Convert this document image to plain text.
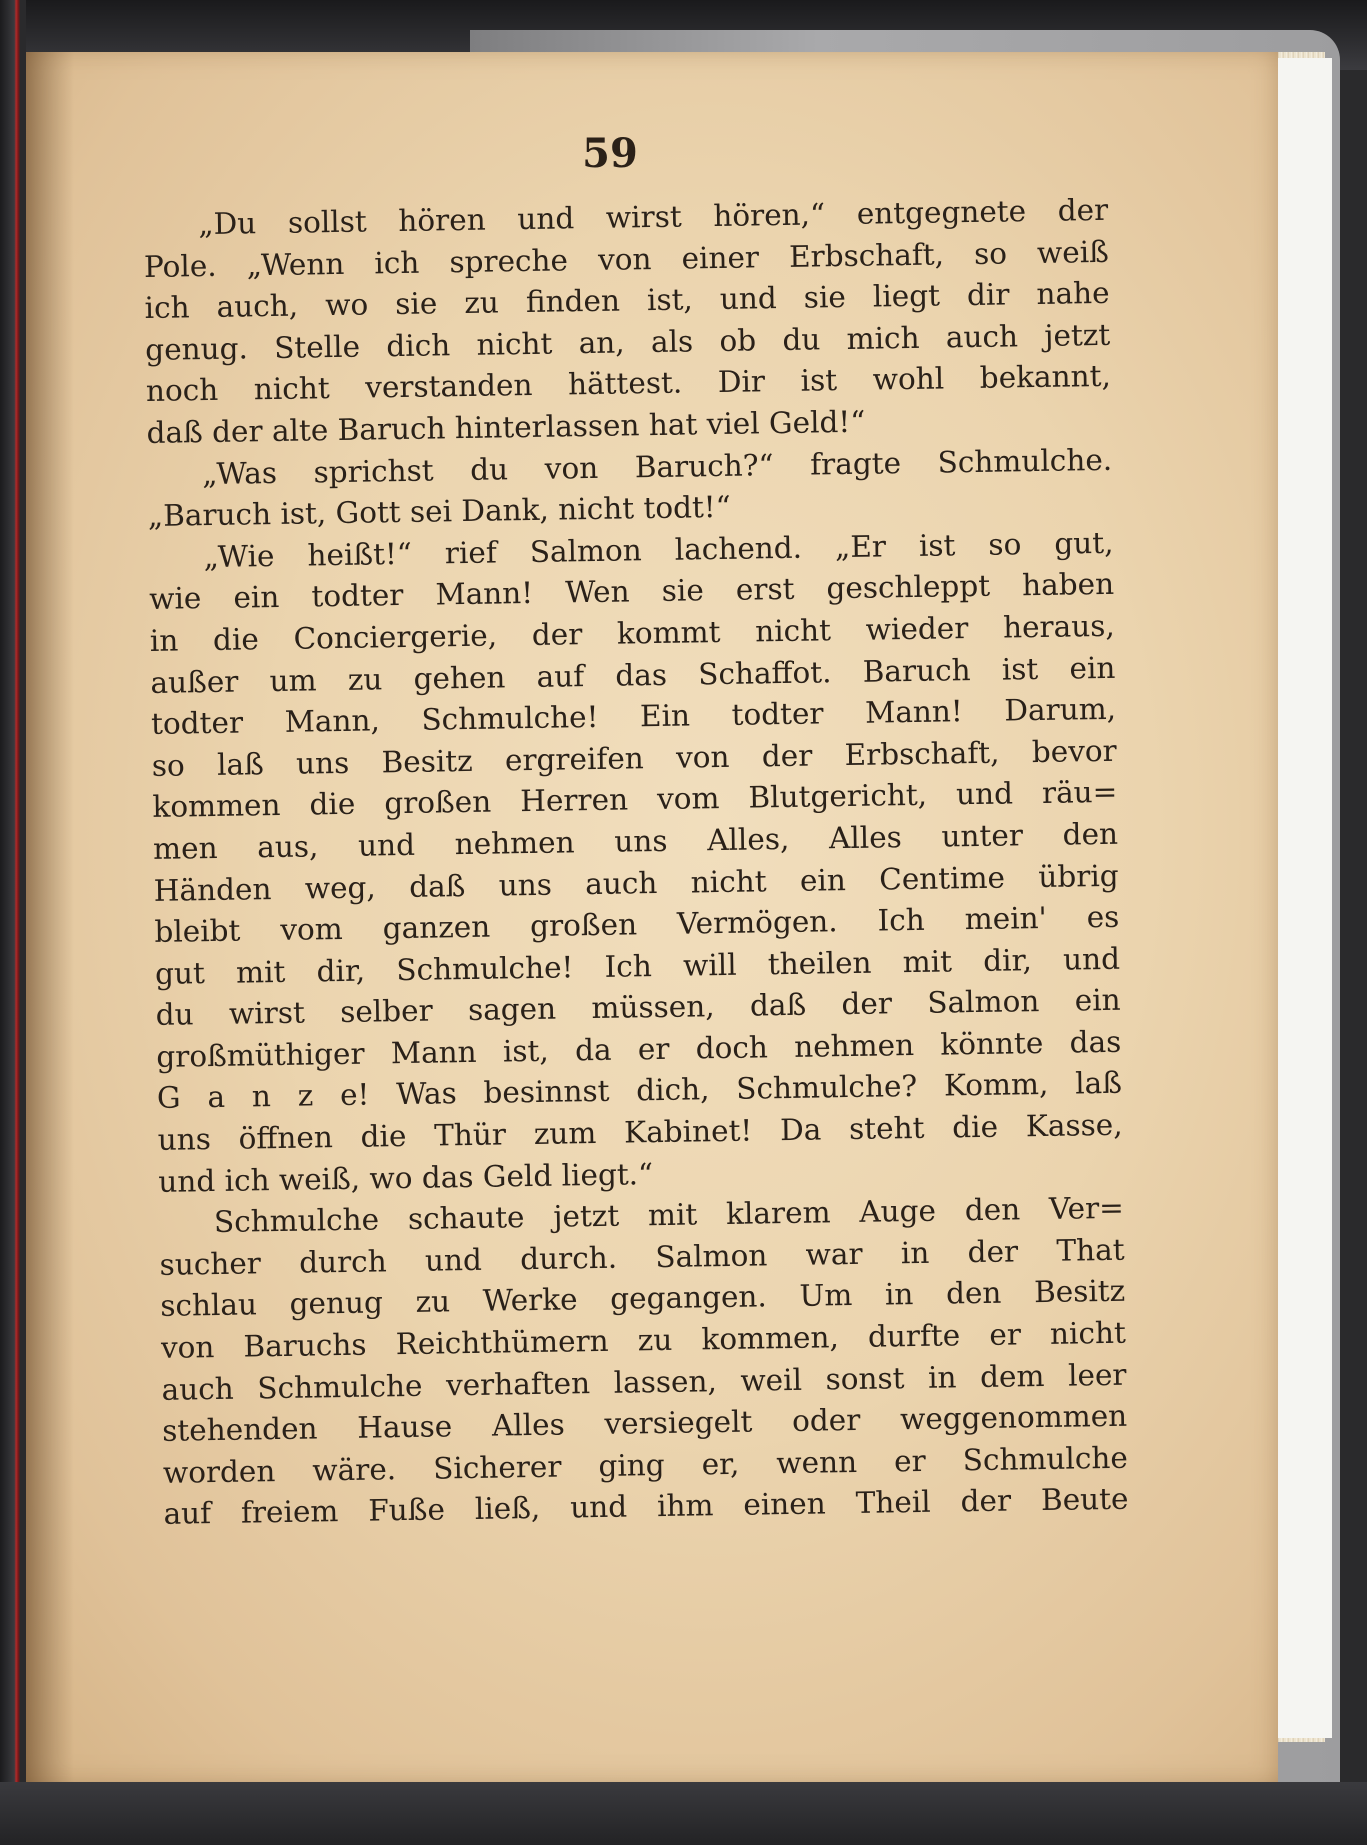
59
„Du sollst hören und wirst hören,“ entgegnete der
Pole. „Wenn ich spreche von einer Erbschaft, so weiß
ich auch, wo sie zu finden ist, und sie liegt dir nahe
genug. Stelle dich nicht an, als ob du mich auch jetzt
noch nicht verstanden hättest. Dir ist wohl bekannt,
daß der alte Baruch hinterlassen hat viel Geld!“
„Was sprichst du von Baruch?“ fragte Schmulche.
„Baruch ist, Gott sei Dank, nicht todt!“
„Wie heißt!“ rief Salmon lachend. „Er ist so gut,
wie ein todter Mann! Wen sie erst geschleppt haben
in die Conciergerie, der kommt nicht wieder heraus,
außer um zu gehen auf das Schaffot. Baruch ist ein
todter Mann, Schmulche! Ein todter Mann! Darum,
so laß uns Besitz ergreifen von der Erbschaft, bevor
kommen die großen Herren vom Blutgericht, und räu=
men aus, und nehmen uns Alles, Alles unter den
Händen weg, daß uns auch nicht ein Centime übrig
bleibt vom ganzen großen Vermögen. Ich mein' es
gut mit dir, Schmulche! Ich will theilen mit dir, und
du wirst selber sagen müssen, daß der Salmon ein
großmüthiger Mann ist, da er doch nehmen könnte das
G a n z e! Was besinnst dich, Schmulche? Komm, laß
uns öffnen die Thür zum Kabinet! Da steht die Kasse,
und ich weiß, wo das Geld liegt.“
Schmulche schaute jetzt mit klarem Auge den Ver=
sucher durch und durch. Salmon war in der That
schlau genug zu Werke gegangen. Um in den Besitz
von Baruchs Reichthümern zu kommen, durfte er nicht
auch Schmulche verhaften lassen, weil sonst in dem leer
stehenden Hause Alles versiegelt oder weggenommen
worden wäre. Sicherer ging er, wenn er Schmulche
auf freiem Fuße ließ, und ihm einen Theil der Beute
